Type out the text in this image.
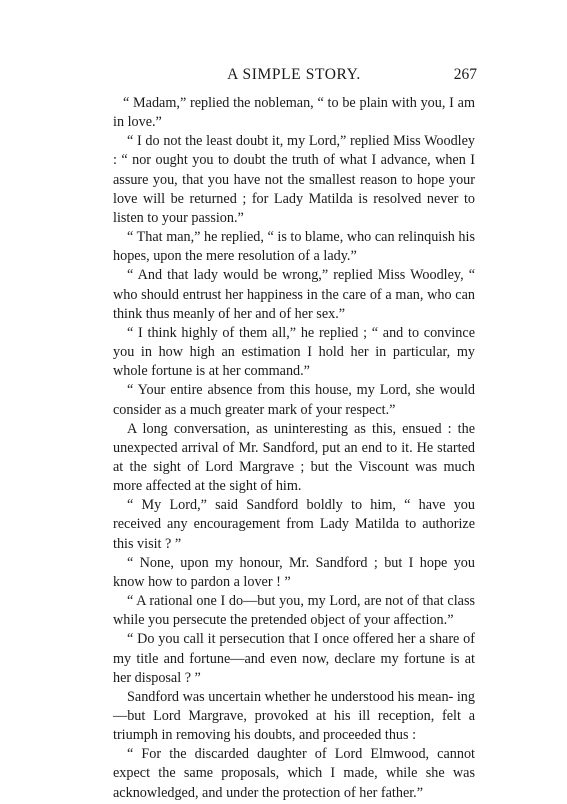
A SIMPLE STORY.	267

“ Madam,” replied the nobleman, “ to be plain with you, I am in love.”

“ I do not the least doubt it, my Lord,” replied Miss Woodley : “ nor ought you to doubt the truth of what I advance, when I assure you, that you have not the smallest reason to hope your love will be returned ; for Lady Matilda is resolved never to listen to your passion.”

“ That man,” he replied, “ is to blame, who can relinquish his hopes, upon the mere resolution of a lady.”

“ And that lady would be wrong,” replied Miss Woodley, “ who should entrust her happiness in the care of a man, who can think thus meanly of her and of her sex.”

“ I think highly of them all,” he replied ; “ and to convince you in how high an estimation I hold her in particular, my whole fortune is at her command.”

“ Your entire absence from this house, my Lord, she would consider as a much greater mark of your respect.”

A long conversation, as uninteresting as this, ensued : the unexpected arrival of Mr. Sandford, put an end to it. He started at the sight of Lord Margrave ; but the Viscount was much more affected at the sight of him.

“ My Lord,” said Sandford boldly to him, “ have you received any encouragement from Lady Matilda to authorize this visit ? ”

“ None, upon my honour, Mr. Sandford ; but I hope you know how to pardon a lover ! ”

“ A rational one I do—but you, my Lord, are not of that class while you persecute the pretended object of your affection.”

“ Do you call it persecution that I once offered her a share of my title and fortune—and even now, declare my fortune is at her disposal ? ”

Sandford was uncertain whether he understood his mean- ing—but Lord Margrave, provoked at his ill reception, felt a triumph in removing his doubts, and proceeded thus :

“ For the discarded daughter of Lord Elmwood, cannot expect the same proposals, which I made, while she was acknowledged, and under the protection of her father.”
